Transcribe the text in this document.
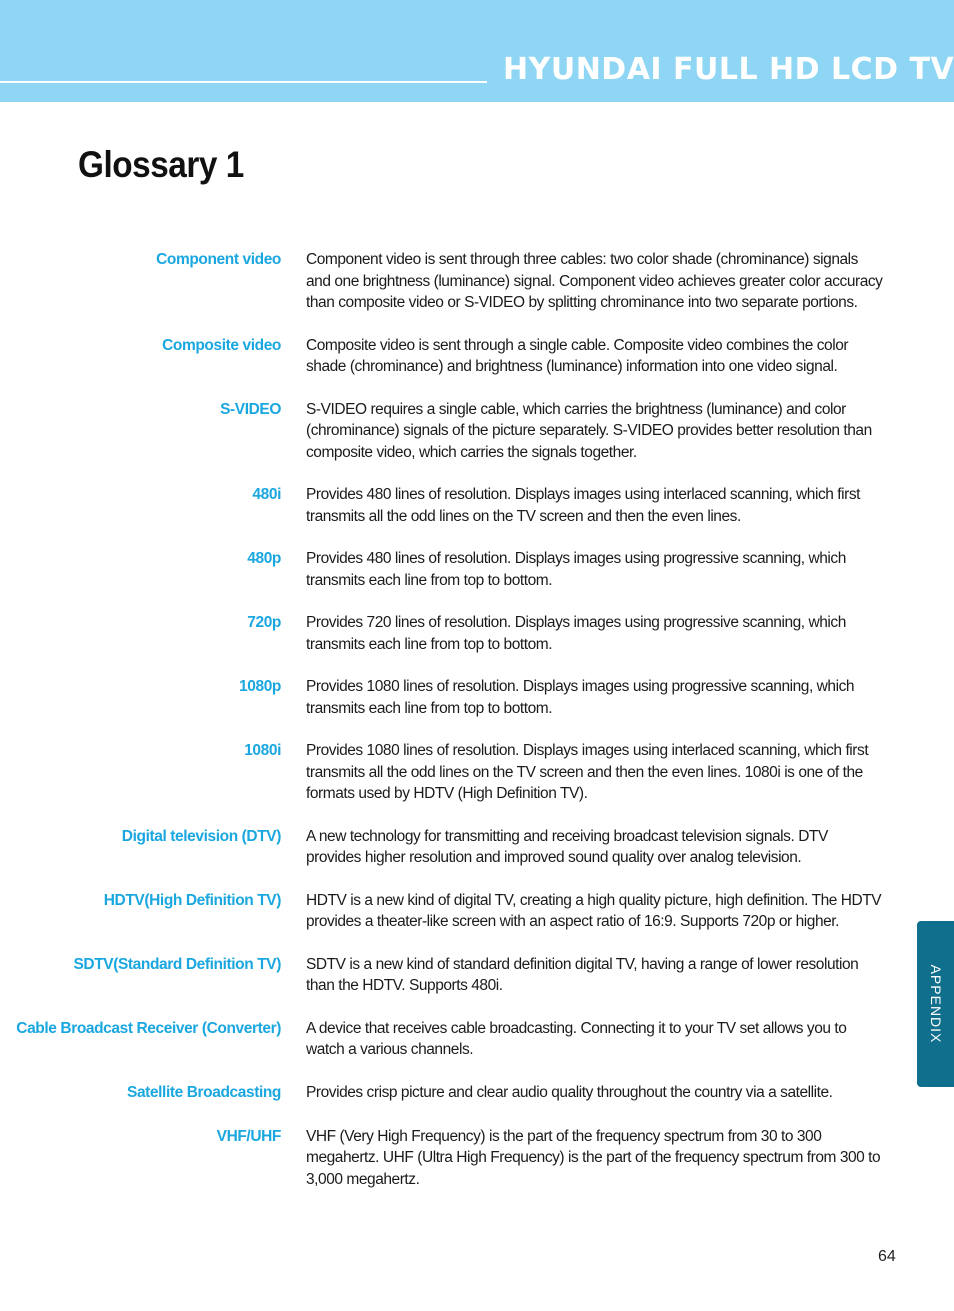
HYUNDAI FULL HD LCD TV
Glossary 1
Component video Component video is sent through three cables: two color shade (chrominance) signals and one brightness (luminance) signal. Component video achieves greater color accuracy than composite video or S-VIDEO by splitting chrominance into two separate portions.
Composite video Composite video is sent through a single cable. Composite video combines the color shade (chrominance) and brightness (luminance) information into one video signal.
S-VIDEO S-VIDEO requires a single cable, which carries the brightness (luminance) and color (chrominance) signals of the picture separately. S-VIDEO provides better resolution than composite video, which carries the signals together.
480i Provides 480 lines of resolution. Displays images using interlaced scanning, which first transmits all the odd lines on the TV screen and then the even lines.
480p Provides 480 lines of resolution. Displays images using progressive scanning, which transmits each line from top to bottom.
720p Provides 720 lines of resolution. Displays images using progressive scanning, which transmits each line from top to bottom.
1080p Provides 1080 lines of resolution. Displays images using progressive scanning, which transmits each line from top to bottom.
1080i Provides 1080 lines of resolution. Displays images using interlaced scanning, which first transmits all the odd lines on the TV screen and then the even lines. 1080i is one of the formats used by HDTV (High Definition TV).
Digital television (DTV) A new technology for transmitting and receiving broadcast television signals. DTV provides higher resolution and improved sound quality over analog television.
HDTV(High Definition TV) HDTV is a new kind of digital TV, creating a high quality picture, high definition. The HDTV provides a theater-like screen with an aspect ratio of 16:9. Supports 720p or higher.
SDTV(Standard Definition TV) SDTV is a new kind of standard definition digital TV, having a range of lower resolution than the HDTV. Supports 480i.
Cable Broadcast Receiver (Converter) A device that receives cable broadcasting. Connecting it to your TV set allows you to watch a various channels.
Satellite Broadcasting Provides crisp picture and clear audio quality throughout the country via a satellite.
VHF/UHF VHF (Very High Frequency) is the part of the frequency spectrum from 30 to 300 megahertz. UHF (Ultra High Frequency) is the part of the frequency spectrum from 300 to 3,000 megahertz.
APPENDIX
64
